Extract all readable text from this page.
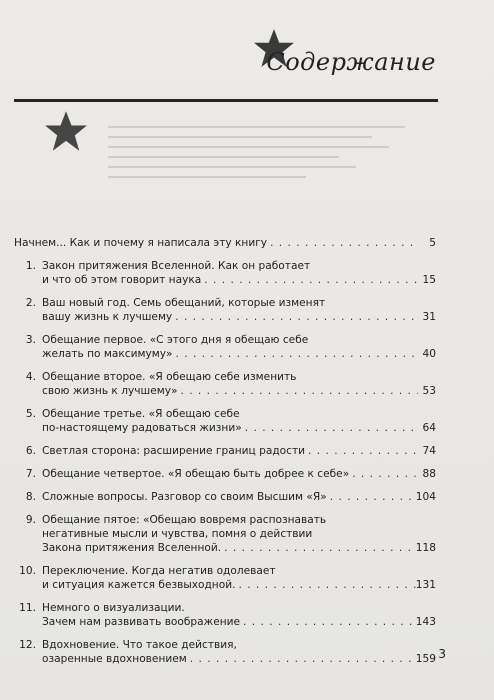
Содержание
Начнем... Как и почему я написала эту книгу . . .	5
1. Закон притяжения Вселенной. Как он работает
и что об этом говорит наука . . .	15
2. Ваш новый год. Семь обещаний, которые изменят
вашу жизнь к лучшему . . .	31
3. Обещание первое. «С этого дня я обещаю себе
желать по максимуму» . . .	40
4. Обещание второе. «Я обещаю себе изменить
свою жизнь к лучшему» . . .	53
5. Обещание третье. «Я обещаю себе
по-настоящему радоваться жизни» . . .	64
6. Светлая сторона: расширение границ радости . . .	74
7. Обещание четвертое. «Я обещаю быть добрее к себе» . . .	88
8. Сложные вопросы. Разговор со своим Высшим «Я» . . .	104
9. Обещание пятое: «Обещаю вовремя распознавать
негативные мысли и чувства, помня о действии
Закона притяжения Вселенной. . . .	118
10. Переключение. Когда негатив одолевает
и ситуация кажется безвыходной. . . .	131
11. Немного о визуализации.
Зачем нам развивать воображение . . .	143
12. Вдохновение. Что такое действия,
озаренные вдохновением . . .	159 3
